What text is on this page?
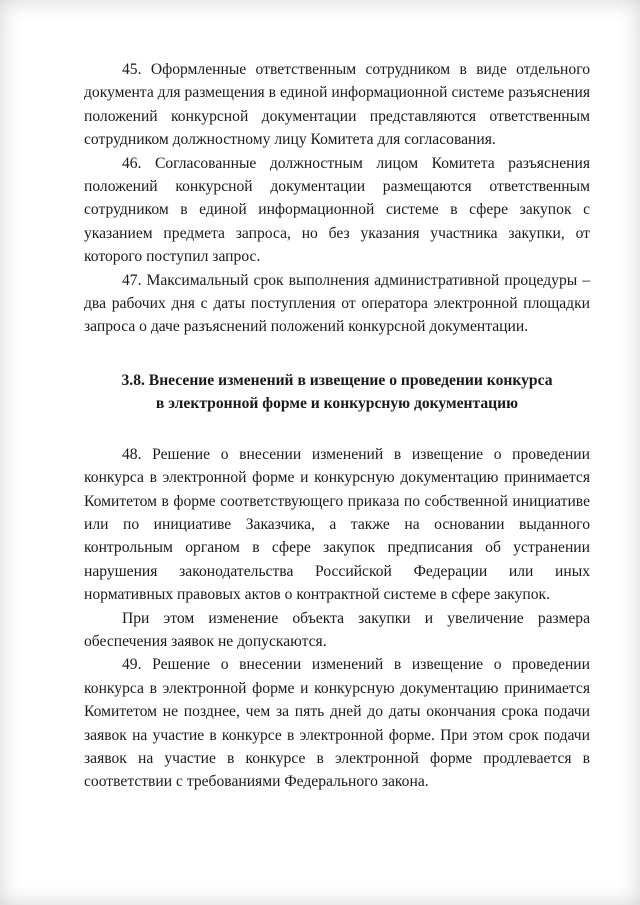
45. Оформленные ответственным сотрудником в виде отдельного документа для размещения в единой информационной системе разъяснения положений конкурсной документации представляются ответственным сотрудником должностному лицу Комитета для согласования.

46. Согласованные должностным лицом Комитета разъяснения положений конкурсной документации размещаются ответственным сотрудником в единой информационной системе в сфере закупок с указанием предмета запроса, но без указания участника закупки, от которого поступил запрос.

47. Максимальный срок выполнения административной процедуры – два рабочих дня с даты поступления от оператора электронной площадки запроса о даче разъяснений положений конкурсной документации.

3.8. Внесение изменений в извещение о проведении конкурса
в электронной форме и конкурсную документацию

48. Решение о внесении изменений в извещение о проведении конкурса в электронной форме и конкурсную документацию принимается Комитетом в форме соответствующего приказа по собственной инициативе или по инициативе Заказчика, а также на основании выданного контрольным органом в сфере закупок предписания об устранении нарушения законодательства Российской Федерации или иных нормативных правовых актов о контрактной системе в сфере закупок.

При этом изменение объекта закупки и увеличение размера обеспечения заявок не допускаются.

49. Решение о внесении изменений в извещение о проведении конкурса в электронной форме и конкурсную документацию принимается Комитетом не позднее, чем за пять дней до даты окончания срока подачи заявок на участие в конкурсе в электронной форме. При этом срок подачи заявок на участие в конкурсе в электронной форме продлевается в соответствии с требованиями Федерального закона.
